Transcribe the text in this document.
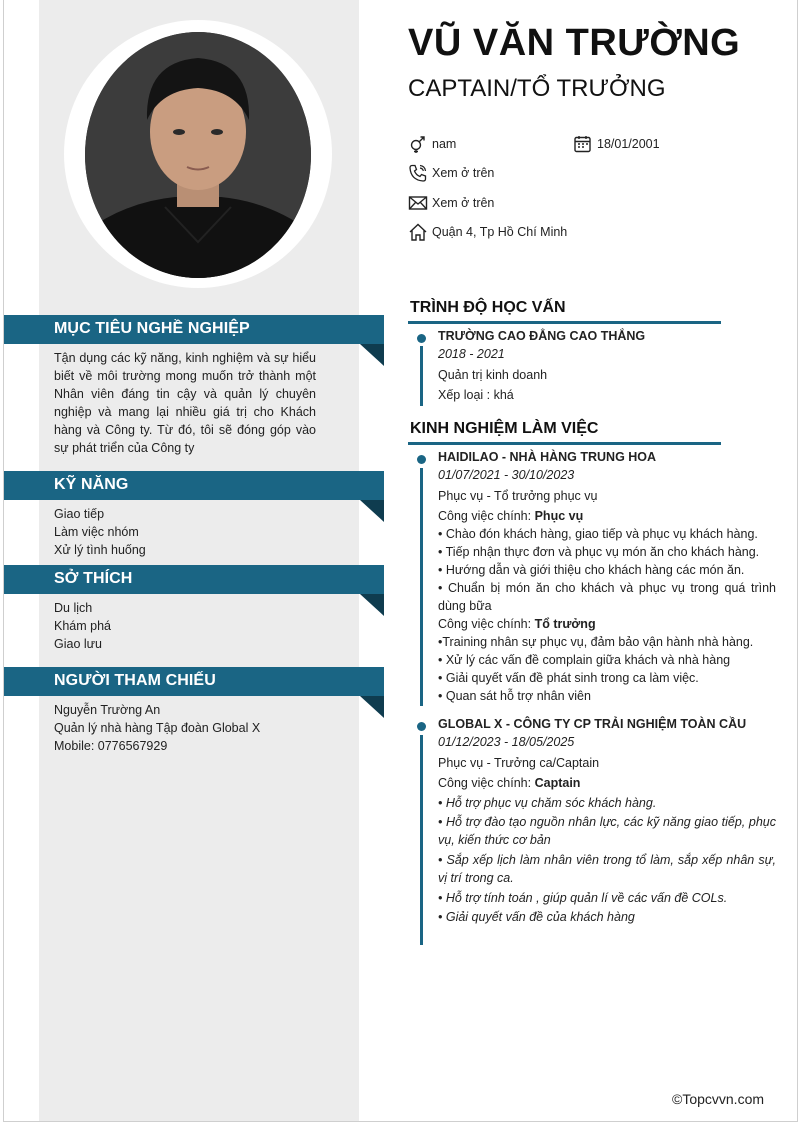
VŨ VĂN TRƯỜNG
CAPTAIN/TỔ TRƯỞNG
nam	18/01/2001
Xem ở trên
Xem ở trên
Quận 4, Tp Hồ Chí Minh
MỤC TIÊU NGHỀ NGHIỆP
Tận dụng các kỹ năng, kinh nghiệm và sự hiểu biết về môi trường mong muốn trở thành một Nhân viên đáng tin cậy và quản lý chuyên nghiệp và mang lại nhiều giá trị cho Khách hàng và Công ty. Từ đó, tôi sẽ đóng góp vào sự phát triển của Công ty
KỸ NĂNG
Giao tiếp
Làm việc nhóm
Xử lý tình huống
SỞ THÍCH
Du lịch
Khám phá
Giao lưu
NGƯỜI THAM CHIẾU
Nguyễn Trường An
Quản lý nhà hàng Tập đoàn Global X
Mobile: 0776567929
TRÌNH ĐỘ HỌC VẤN
TRƯỜNG CAO ĐẲNG CAO THẮNG
2018 - 2021
Quản trị kinh doanh
Xếp loại : khá
KINH NGHIỆM LÀM VIỆC
HAIDILAO - NHÀ HÀNG TRUNG HOA
01/07/2021 - 30/10/2023
Phục vụ - Tổ trưởng phục vụ
Công việc chính: Phục vụ
• Chào đón khách hàng, giao tiếp và phục vụ khách hàng.
• Tiếp nhận thực đơn và phục vụ món ăn cho khách hàng.
• Hướng dẫn và giới thiệu cho khách hàng các món ăn.
• Chuẩn bị món ăn cho khách và phục vụ trong quá trình dùng bữa
Công việc chính: Tổ trưởng
•Training nhân sự phục vụ, đảm bảo vận hành nhà hàng.
• Xử lý các vấn đề complain giữa khách và nhà hàng
• Giải quyết vấn đề phát sinh trong ca làm việc.
• Quan sát hỗ trợ nhân viên
GLOBAL X - CÔNG TY CP TRẢI NGHIỆM TOÀN CẦU
01/12/2023 - 18/05/2025
Phục vụ - Trưởng ca/Captain
Công việc chính: Captain
• Hỗ trợ phục vụ chăm sóc khách hàng.
• Hỗ trợ đào tạo nguồn nhân lực, các kỹ năng giao tiếp, phục vụ, kiến thức cơ bản
• Sắp xếp lịch làm nhân viên trong tổ làm, sắp xếp nhân sự, vị trí trong ca.
• Hỗ trợ tính toán , giúp quản lí về các vấn đề COLs.
• Giải quyết vấn đề của khách hàng
©Topcvvn.com
